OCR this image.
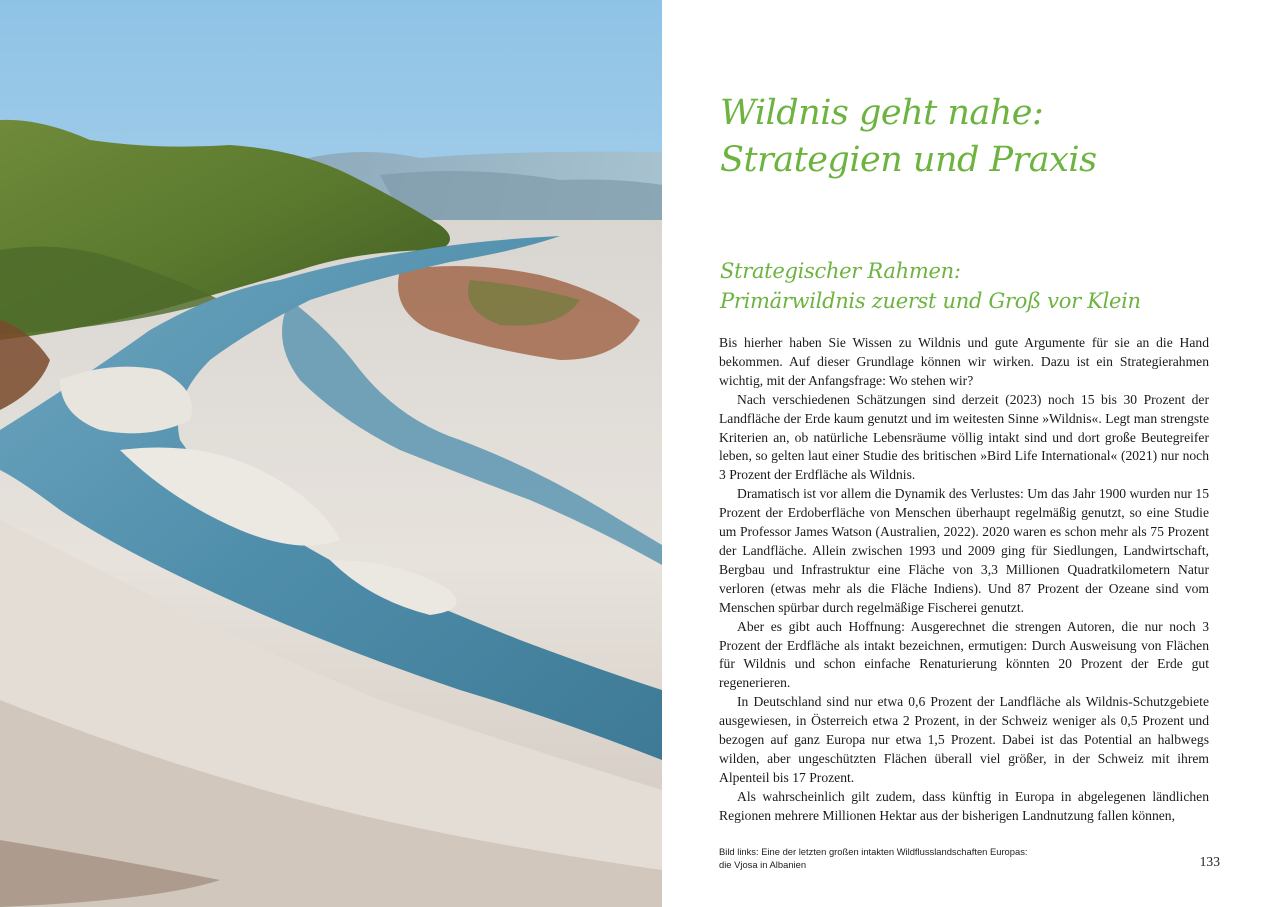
Wildnis geht nahe:
Strategien und Praxis
Strategischer Rahmen:
Primärwildnis zuerst und Groß vor Klein

Bis hierher haben Sie Wissen zu Wildnis und gute Argumente für sie an die Hand bekommen. Auf dieser Grundlage können wir wirken. Dazu ist ein Strategierahmen wichtig, mit der Anfangsfrage: Wo stehen wir?

Nach verschiedenen Schätzungen sind derzeit (2023) noch 15 bis 30 Prozent der Landfläche der Erde kaum genutzt und im weitesten Sinne »Wildnis«. Legt man strengste Kriterien an, ob natürliche Lebensräume völlig intakt sind und dort große Beutegreifer leben, so gelten laut einer Studie des britischen »Bird Life International« (2021) nur noch 3 Prozent der Erdfläche als Wildnis.

Dramatisch ist vor allem die Dynamik des Verlustes: Um das Jahr 1900 wurden nur 15 Prozent der Erdoberfläche von Menschen überhaupt regelmäßig genutzt, so eine Studie um Professor James Watson (Australien, 2022). 2020 waren es schon mehr als 75 Prozent der Landfläche. Allein zwischen 1993 und 2009 ging für Siedlungen, Landwirtschaft, Bergbau und Infrastruktur eine Fläche von 3,3 Millionen Quadratkilometern Natur verloren (etwas mehr als die Fläche Indiens). Und 87 Prozent der Ozeane sind vom Menschen spürbar durch regelmäßige Fischerei genutzt.

Aber es gibt auch Hoffnung: Ausgerechnet die strengen Autoren, die nur noch 3 Prozent der Erdfläche als intakt bezeichnen, ermutigen: Durch Ausweisung von Flächen für Wildnis und schon einfache Renaturierung könnten 20 Prozent der Erde gut regenerieren.

In Deutschland sind nur etwa 0,6 Prozent der Landfläche als Wildnis-Schutzgebiete ausgewiesen, in Österreich etwa 2 Prozent, in der Schweiz weniger als 0,5 Prozent und bezogen auf ganz Europa nur etwa 1,5 Prozent. Dabei ist das Potential an halbwegs wilden, aber ungeschützten Flächen überall viel größer, in der Schweiz mit ihrem Alpenteil bis 17 Prozent.

Als wahrscheinlich gilt zudem, dass künftig in Europa in abgelegenen ländlichen Regionen mehrere Millionen Hektar aus der bisherigen Landnutzung fallen können,

Bild links: Eine der letzten großen intakten Wildflusslandschaften Europas:
die Vjosa in Albanien	133
